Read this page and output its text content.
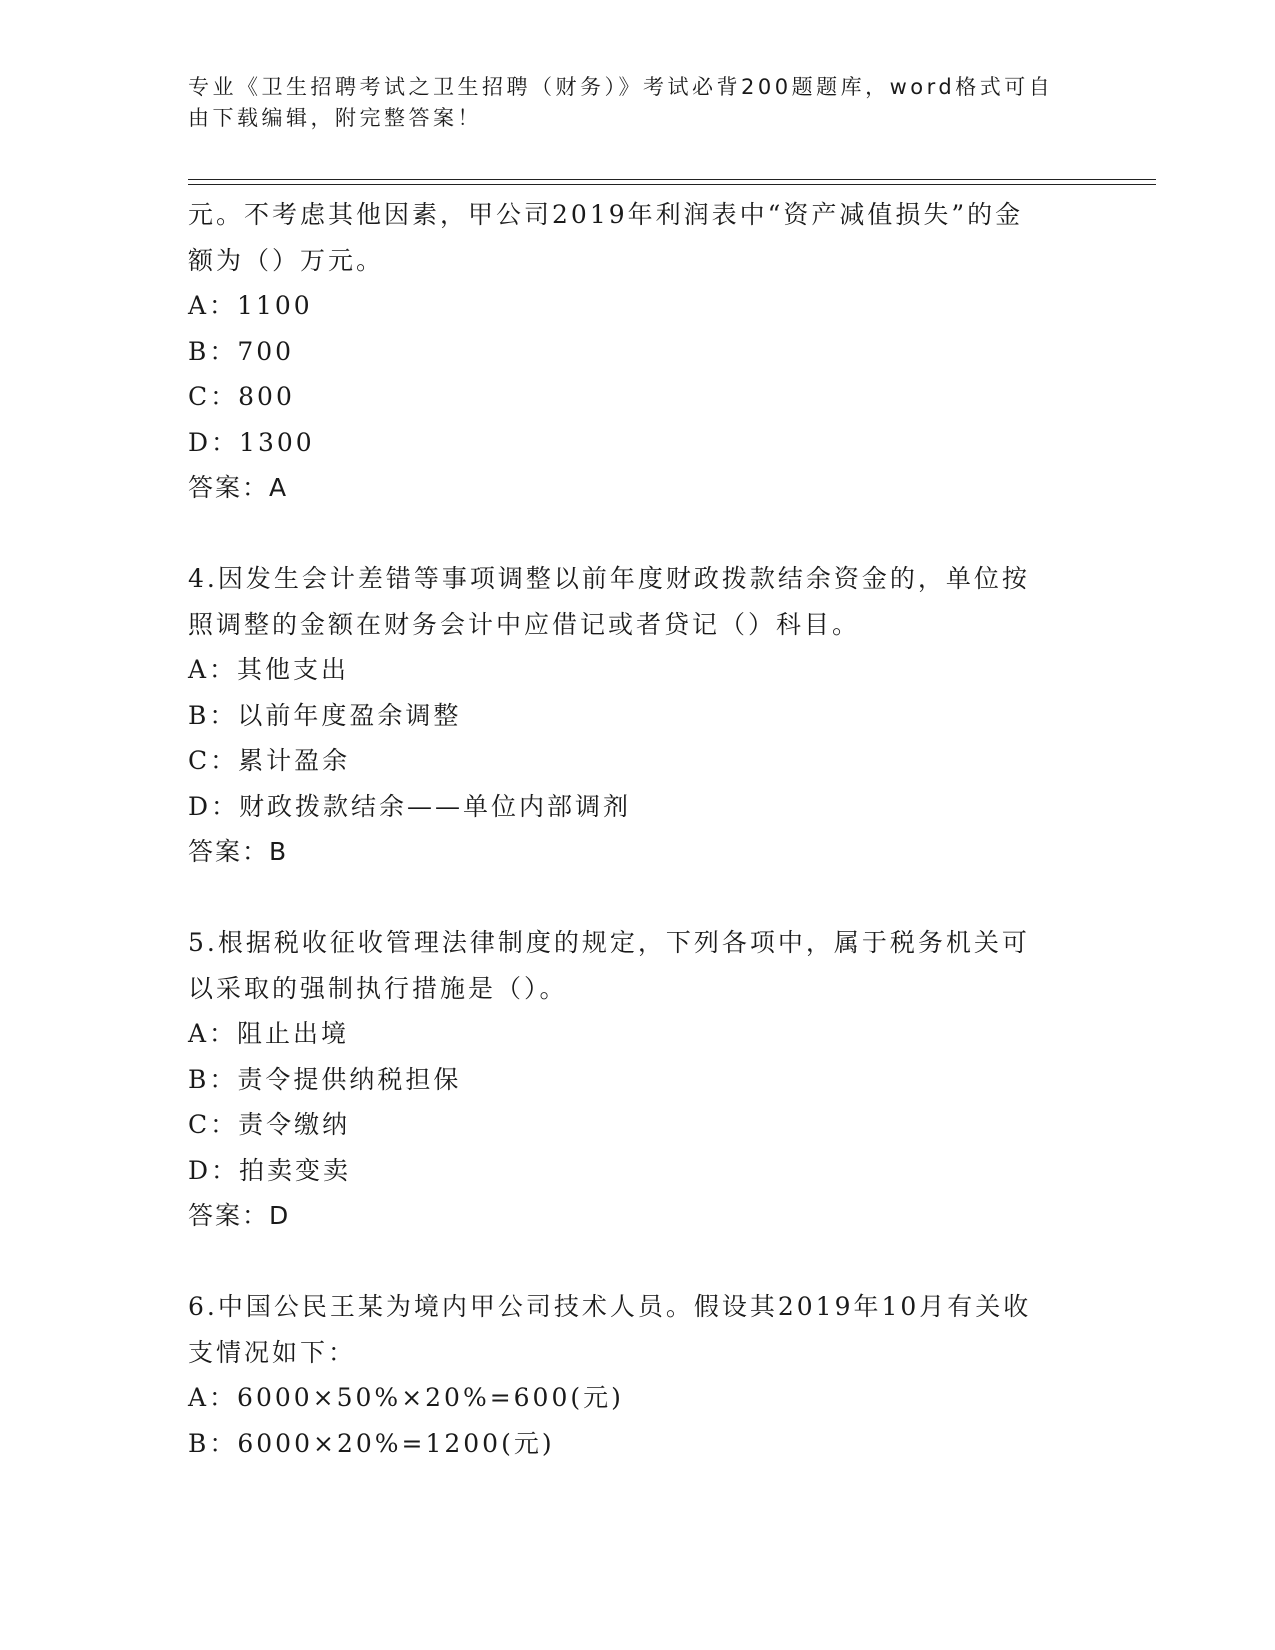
专业《卫生招聘考试之卫生招聘（财务）》考试必背200题题库，word格式可自
由下载编辑，附完整答案！
元。不考虑其他因素，甲公司2019年利润表中“资产减值损失”的金
额为（）万元。
A：1100
B：700
C：800
D：1300
答案：A
4.因发生会计差错等事项调整以前年度财政拨款结余资金的，单位按
照调整的金额在财务会计中应借记或者贷记（）科目。
A：其他支出
B：以前年度盈余调整
C：累计盈余
D：财政拨款结余——单位内部调剂
答案：B
5.根据税收征收管理法律制度的规定，下列各项中，属于税务机关可
以采取的强制执行措施是（）。
A：阻止出境
B：责令提供纳税担保
C：责令缴纳
D：拍卖变卖
答案：D
6.中国公民王某为境内甲公司技术人员。假设其2019年10月有关收
支情况如下：
A：6000×50%×20%=600(元)
B：6000×20%=1200(元)
